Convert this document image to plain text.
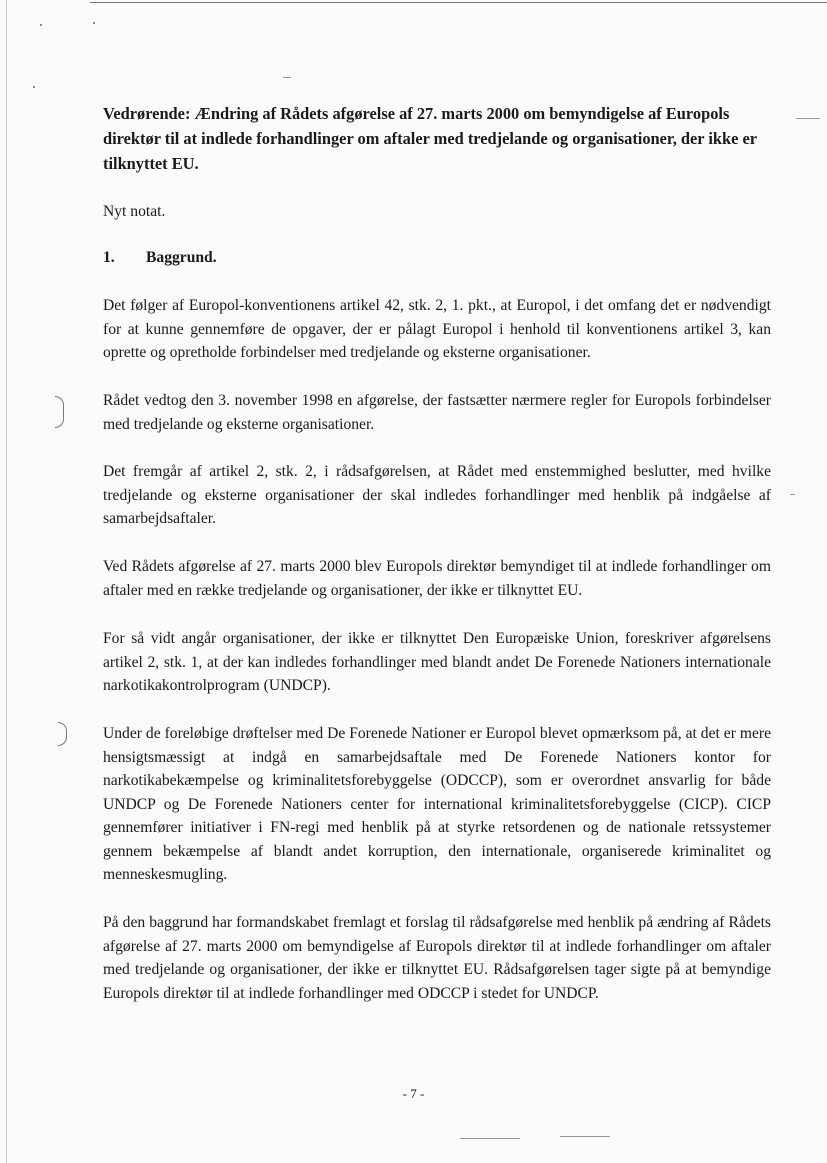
Vedrørende: Ændring af Rådets afgørelse af 27. marts 2000 om bemyndigelse af Europols direktør til at indlede forhandlinger om aftaler med tredjelande og organisationer, der ikke er tilknyttet EU.

Nyt notat.

1. Baggrund.

Det følger af Europol-konventionens artikel 42, stk. 2, 1. pkt., at Europol, i det omfang det er nødvendigt for at kunne gennemføre de opgaver, der er pålagt Europol i henhold til konventionens artikel 3, kan oprette og opretholde forbindelser med tredjelande og eksterne organisationer.

Rådet vedtog den 3. november 1998 en afgørelse, der fastsætter nærmere regler for Europols forbindelser med tredjelande og eksterne organisationer.

Det fremgår af artikel 2, stk. 2, i rådsafgørelsen, at Rådet med enstemmighed beslutter, med hvilke tredjelande og eksterne organisationer der skal indledes forhandlinger med henblik på indgåelse af samarbejdsaftaler.

Ved Rådets afgørelse af 27. marts 2000 blev Europols direktør bemyndiget til at indlede forhandlinger om aftaler med en række tredjelande og organisationer, der ikke er tilknyttet EU.

For så vidt angår organisationer, der ikke er tilknyttet Den Europæiske Union, foreskriver afgørelsens artikel 2, stk. 1, at der kan indledes forhandlinger med blandt andet De Forenede Nationers internationale narkotikakontrolprogram (UNDCP).

Under de foreløbige drøftelser med De Forenede Nationer er Europol blevet opmærksom på, at det er mere hensigtsmæssigt at indgå en samarbejdsaftale med De Forenede Nationers kontor for narkotikabekæmpelse og kriminalitetsforebyggelse (ODCCP), som er overordnet ansvarlig for både UNDCP og De Forenede Nationers center for international kriminalitetsforebyggelse (CICP). CICP gennemfører initiativer i FN-regi med henblik på at styrke retsordenen og de nationale retssystemer gennem bekæmpelse af blandt andet korruption, den internationale, organiserede kriminalitet og menneskesmugling.

På den baggrund har formandskabet fremlagt et forslag til rådsafgørelse med henblik på ændring af Rådets afgørelse af 27. marts 2000 om bemyndigelse af Europols direktør til at indlede forhandlinger om aftaler med tredjelande og organisationer, der ikke er tilknyttet EU. Rådsafgørelsen tager sigte på at bemyndige Europols direktør til at indlede forhandlinger med ODCCP i stedet for UNDCP.

- 7 -
